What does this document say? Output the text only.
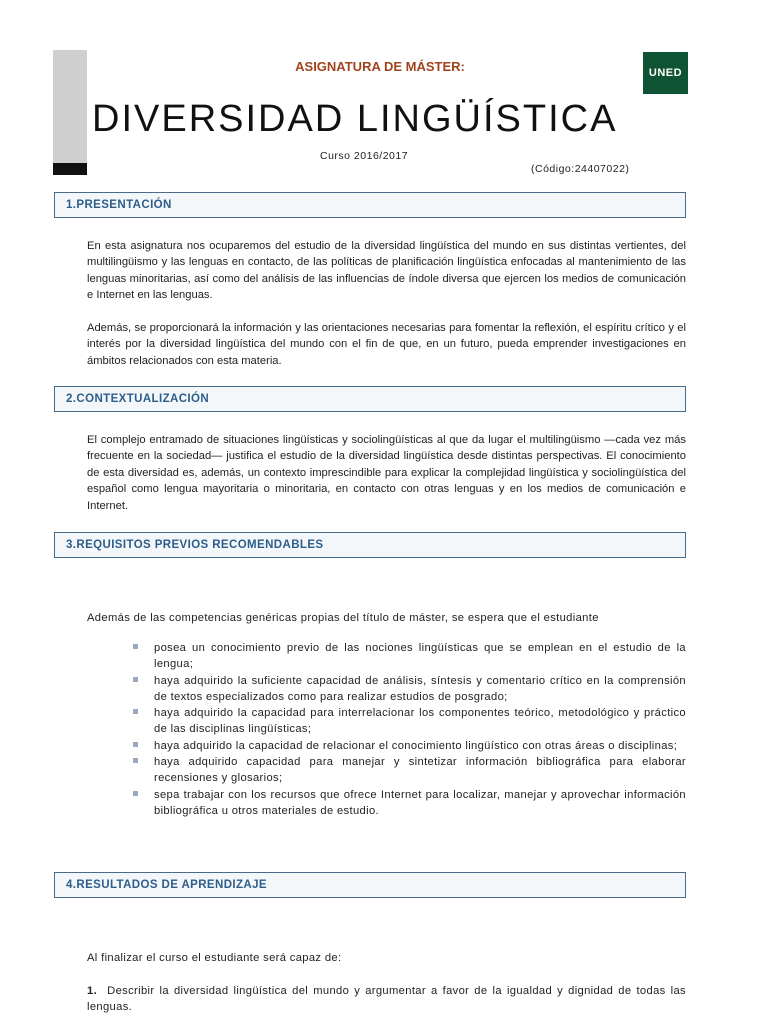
ASIGNATURA DE MÁSTER:	UNED
DIVERSIDAD LINGÜÍSTICA
Curso 2016/2017
(Código:24407022)
1.PRESENTACIÓN

En esta asignatura nos ocuparemos del estudio de la diversidad lingüística del mundo en sus distintas vertientes, del multilingüismo y las lenguas en contacto, de las políticas de planificación lingüística enfocadas al mantenimiento de las lenguas minoritarias, así como del análisis de las influencias de índole diversa que ejercen los medios de comunicación e Internet en las lenguas.

Además, se proporcionará la información y las orientaciones necesarias para fomentar la reflexión, el espíritu crítico y el interés por la diversidad lingüística del mundo con el fin de que, en un futuro, pueda emprender investigaciones en ámbitos relacionados con esta materia.

2.CONTEXTUALIZACIÓN

El complejo entramado de situaciones lingüísticas y sociolingüísticas al que da lugar el multilingüismo —cada vez más frecuente en la sociedad— justifica el estudio de la diversidad lingüística desde distintas perspectivas. El conocimiento de esta diversidad es, además, un contexto imprescindible para explicar la complejidad lingüística y sociolingüística del español como lengua mayoritaria o minoritaria, en contacto con otras lenguas y en los medios de comunicación e Internet.

3.REQUISITOS PREVIOS RECOMENDABLES

Además de las competencias genéricas propias del título de máster, se espera que el estudiante

posea un conocimiento previo de las nociones lingüísticas que se emplean en el estudio de la lengua;
haya adquirido la suficiente capacidad de análisis, síntesis y comentario crítico en la comprensión de textos especializados como para realizar estudios de posgrado;
haya adquirido la capacidad para interrelacionar los componentes teórico, metodológico y práctico de las disciplinas lingüísticas;
haya adquirido la capacidad de relacionar el conocimiento lingüístico con otras áreas o disciplinas;
haya adquirido capacidad para manejar y sintetizar información bibliográfica para elaborar recensiones y glosarios;
sepa trabajar con los recursos que ofrece Internet para localizar, manejar y aprovechar información bibliográfica u otros materiales de estudio.
4.RESULTADOS DE APRENDIZAJE

Al finalizar el curso el estudiante será capaz de:

1. Describir la diversidad lingüística del mundo y argumentar a favor de la igualdad y dignidad de todas las lenguas.
